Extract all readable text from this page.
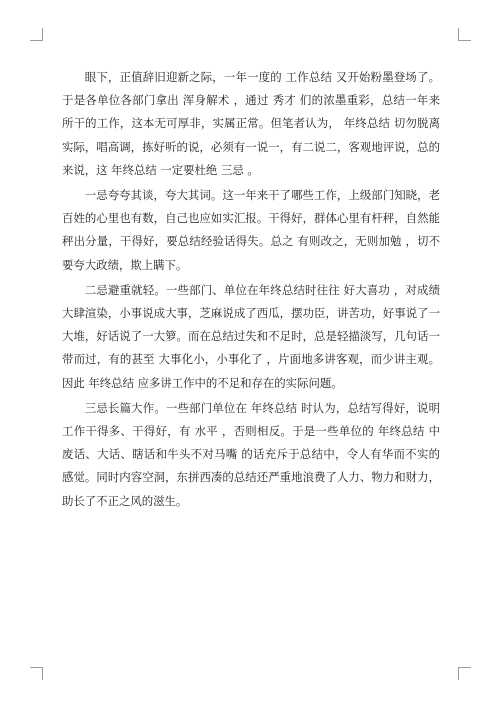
眼下，正值辞旧迎新之际，一年一度的 工作总结 又开始粉墨登场了。于是各单位各部门拿出 浑身解术 ，通过 秀才 们的浓墨重彩，总结一年来所干的工作，这本无可厚非，实属正常。但笔者认为， 年终总结 切勿脱离实际，唱高调，拣好听的说，必须有一说一，有二说二，客观地评说，总的来说，这 年终总结 一定要杜绝 三忌 。

一忌夸夸其谈，夸大其词。这一年来干了哪些工作，上级部门知晓，老百姓的心里也有数，自己也应如实汇报。干得好，群体心里有杆秤，自然能秤出分量，干得好，要总结经验话得失。总之 有则改之，无则加勉 ，切不要夸大政绩，欺上瞒下。

二忌避重就轻。一些部门、单位在年终总结时往往 好大喜功 ，对成绩大肆渲染，小事说成大事，芝麻说成了西瓜，摆功臣，讲苦功，好事说了一大堆，好话说了一大箩。而在总结过失和不足时，总是轻描淡写，几句话一带而过，有的甚至 大事化小，小事化了 ，片面地多讲客观，而少讲主观。因此 年终总结 应多讲工作中的不足和存在的实际问题。

三忌长篇大作。一些部门单位在 年终总结 时认为，总结写得好，说明工作干得多、干得好，有 水平 ，否则相反。于是一些单位的 年终总结 中废话、大话、瞎话和牛头不对马嘴 的话充斥于总结中，令人有华而不实的感觉。同时内容空洞，东拼西凑的总结还严重地浪费了人力、物力和财力，助长了不正之风的滋生。
